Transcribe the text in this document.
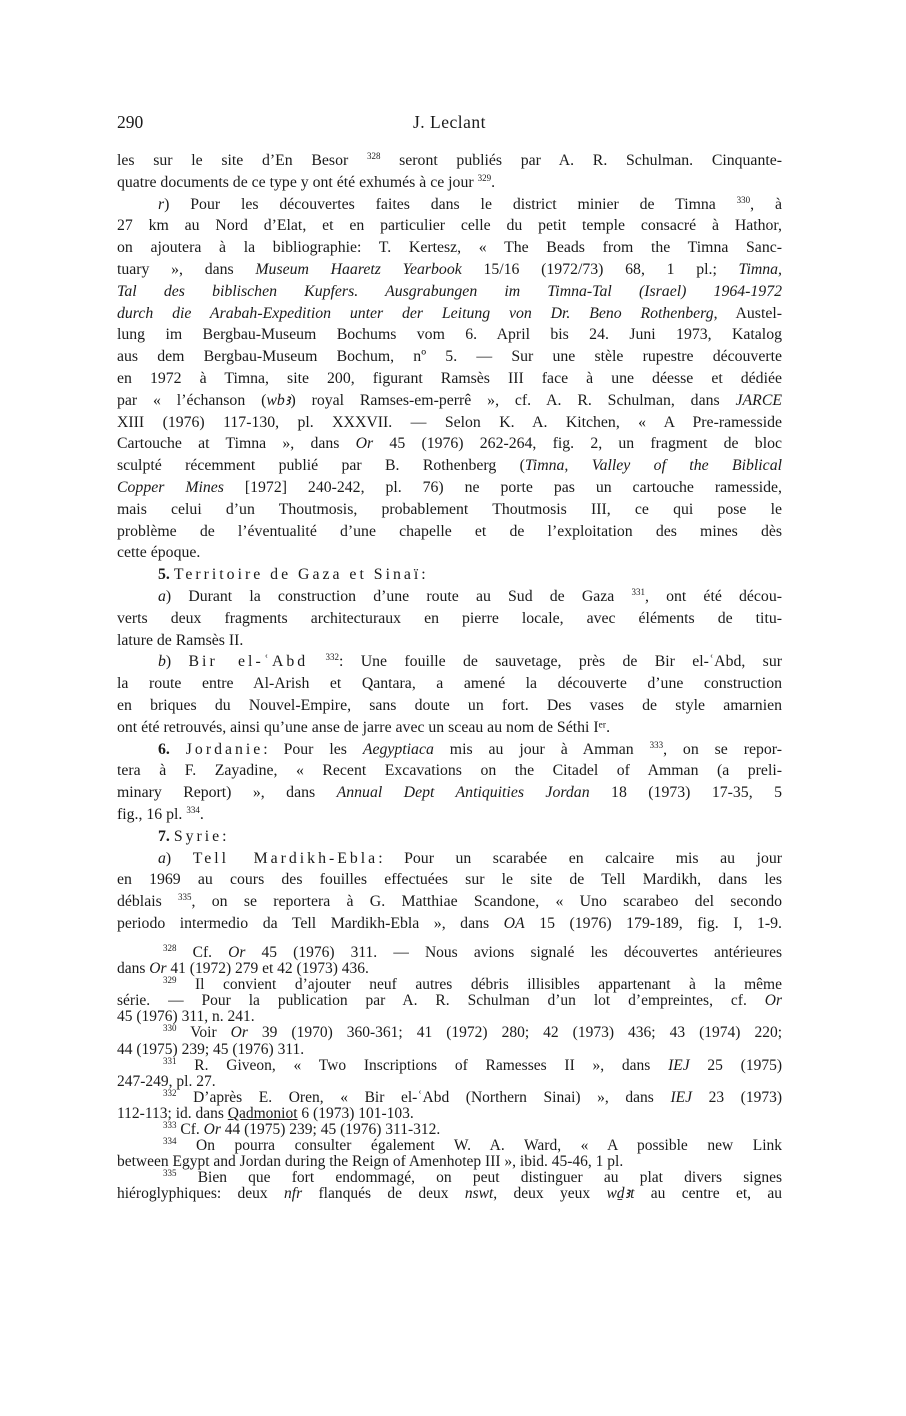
290	J. Leclant
les sur le site d’En Besor $^{328}$ seront publiés par A. R. Schulman. Cinquante-
quatre documents de ce type y ont été exhumés à ce jour $^{329}$.
r) Pour les découvertes faites dans le district minier de Timna $^{330}$, à
27 km au Nord d’Elat, et en particulier celle du petit temple consacré à Hathor,
on ajoutera à la bibliographie: T. Kertesz, « The Beads from the Timna Sanc-
tuary », dans Museum Haaretz Yearbook 15/16 (1972/73) 68, 1 pl.; Timna,
Tal des biblischen Kupfers. Ausgrabungen im Timna-Tal (Israel) 1964-1972
durch die Arabah-Expedition unter der Leitung von Dr. Beno Rothenberg, Austel-
lung im Bergbau-Museum Bochums vom 6. April bis 24. Juni 1973, Katalog
aus dem Bergbau-Museum Bochum, nº 5. — Sur une stèle rupestre découverte
en 1972 à Timna, site 200, figurant Ramsès III face à une déesse et dédiée
par « l’échanson (wbꜣ) royal Ramses-em-perrê », cf. A. R. Schulman, dans JARCE
XIII (1976) 117-130, pl. XXXVII. — Selon K. A. Kitchen, « A Pre-ramesside
Cartouche at Timna », dans Or 45 (1976) 262-264, fig. 2, un fragment de bloc
sculpté récemment publié par B. Rothenberg (Timna, Valley of the Biblical
Copper Mines [1972] 240-242, pl. 76) ne porte pas un cartouche ramesside,
mais celui d’un Thoutmosis, probablement Thoutmosis III, ce qui pose le
problème de l’éventualité d’une chapelle et de l’exploitation des mines dès
cette époque.
5. Territoire de Gaza et Sinaï:
a) Durant la construction d’une route au Sud de Gaza $^{331}$, ont été décou-
verts deux fragments architecturaux en pierre locale, avec éléments de titu-
lature de Ramsès II.
b) Bir el-ʿAbd $^{332}$: Une fouille de sauvetage, près de Bir el-ʿAbd, sur
la route entre Al-Arish et Qantara, a amené la découverte d’une construction
en briques du Nouvel-Empire, sans doute un fort. Des vases de style amarnien
ont été retrouvés, ainsi qu’une anse de jarre avec un sceau au nom de Séthi Iᵉʳ.
6. Jordanie: Pour les Aegyptiaca mis au jour à Amman $^{333}$, on se repor-
tera à F. Zayadine, « Recent Excavations on the Citadel of Amman (a preli-
minary Report) », dans Annual Dept Antiquities Jordan 18 (1973) 17-35, 5
fig., 16 pl. $^{334}$.
7. Syrie:
a) Tell Mardikh-Ebla: Pour un scarabée en calcaire mis au jour
en 1969 au cours des fouilles effectuées sur le site de Tell Mardikh, dans les
déblais $^{335}$, on se reportera à G. Matthiae Scandone, « Uno scarabeo del secondo
periodo intermedio da Tell Mardikh-Ebla », dans OA 15 (1976) 179-189, fig. I, 1-9.
$^{328}$ Cf. Or 45 (1976) 311. — Nous avions signalé les découvertes antérieures
dans Or 41 (1972) 279 et 42 (1973) 436.
$^{329}$ Il convient d’ajouter neuf autres débris illisibles appartenant à la même
série. — Pour la publication par A. R. Schulman d’un lot d’empreintes, cf. Or
45 (1976) 311, n. 241.
$^{330}$ Voir Or 39 (1970) 360-361; 41 (1972) 280; 42 (1973) 436; 43 (1974) 220;
44 (1975) 239; 45 (1976) 311.
$^{331}$ R. Giveon, « Two Inscriptions of Ramesses II », dans IEJ 25 (1975)
247-249, pl. 27.
$^{332}$ D’après E. Oren, « Bir el-ʿAbd (Northern Sinai) », dans IEJ 23 (1973)
112-113; id. dans Qadmoniot 6 (1973) 101-103.
$^{333}$ Cf. Or 44 (1975) 239; 45 (1976) 311-312.
$^{334}$ On pourra consulter également W. A. Ward, « A possible new Link
between Egypt and Jordan during the Reign of Amenhotep III », ibid. 45-46, 1 pl.
$^{335}$ Bien que fort endommagé, on peut distinguer au plat divers signes
hiéroglyphiques: deux nfr flanqués de deux nswt, deux yeux wḏꜣt au centre et, au
